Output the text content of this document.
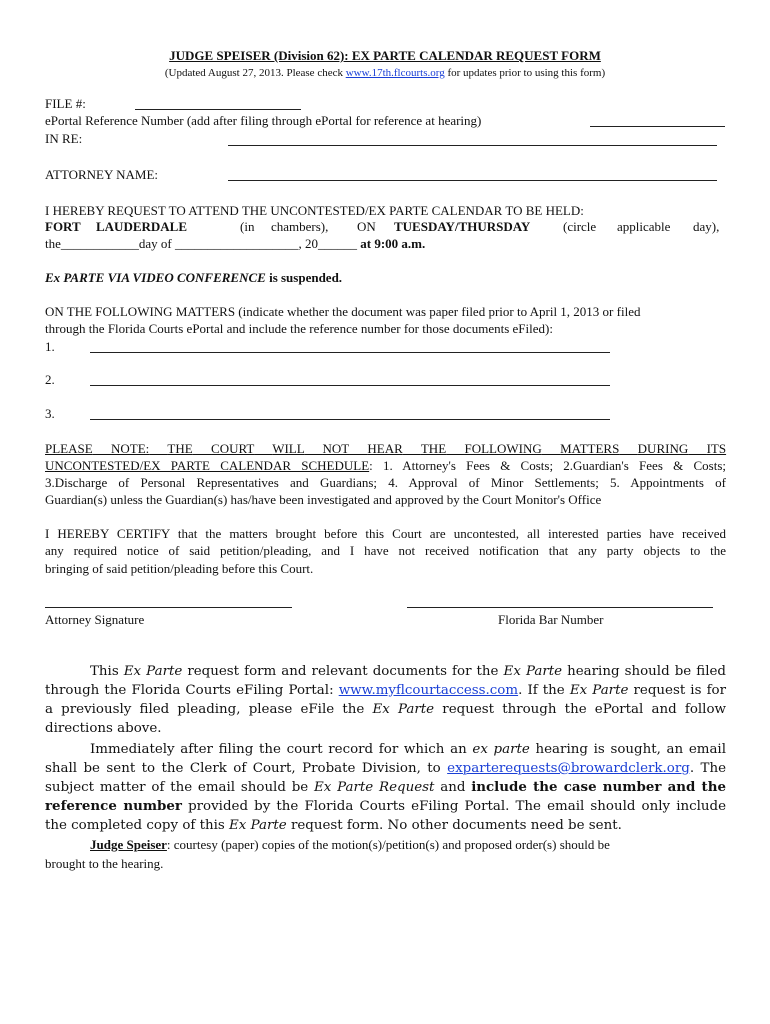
JUDGE SPEISER (Division 62): EX PARTE CALENDAR REQUEST FORM
(Updated August 27, 2013. Please check www.17th.flcourts.org for updates prior to using this form)
FILE #:
ePortal Reference Number (add after filing through ePortal for reference at hearing)
IN RE:
ATTORNEY NAME:
I HEREBY REQUEST TO ATTEND THE UNCONTESTED/EX PARTE CALENDAR TO BE HELD:
FORT LAUDERDALE	(in chambers), ON TUESDAY/THURSDAY	(circle applicable day),
the____________day of ___________________, 20______ at 9:00 a.m.
Ex PARTE VIA VIDEO CONFERENCE is suspended.
ON THE FOLLOWING MATTERS (indicate whether the document was paper filed prior to April 1, 2013 or filed
through the Florida Courts ePortal and include the reference number for those documents eFiled):
1.
2.
3.
PLEASE NOTE: THE COURT WILL NOT HEAR THE FOLLOWING MATTERS DURING ITS
UNCONTESTED/EX PARTE CALENDAR SCHEDULE: 1. Attorney's Fees & Costs; 2.Guardian's Fees & Costs;
3.Discharge of Personal Representatives and Guardians; 4. Approval of Minor Settlements; 5. Appointments of
Guardian(s) unless the Guardian(s) has/have been investigated and approved by the Court Monitor's Office
I HEREBY CERTIFY that the matters brought before this Court are uncontested, all interested parties have received
any required notice of said petition/pleading, and I have not received notification that any party objects to the
bringing of said petition/pleading before this Court.
Attorney Signature	Florida Bar Number
This Ex Parte request form and relevant documents for the Ex Parte hearing should be filed through the Florida Courts eFiling Portal: www.myflcourtaccess.com. If the Ex Parte request is for a previously filed pleading, please eFile the Ex Parte request through the ePortal and follow directions above.
Immediately after filing the court record for which an ex parte hearing is sought, an email shall be sent to the Clerk of Court, Probate Division, to exparterequests@browardclerk.org. The subject matter of the email should be Ex Parte Request and include the case number and the reference number provided by the Florida Courts eFiling Portal. The email should only include the completed copy of this Ex Parte request form. No other documents need be sent.
Judge Speiser: courtesy (paper) copies of the motion(s)/petition(s) and proposed order(s) should be
brought to the hearing.
